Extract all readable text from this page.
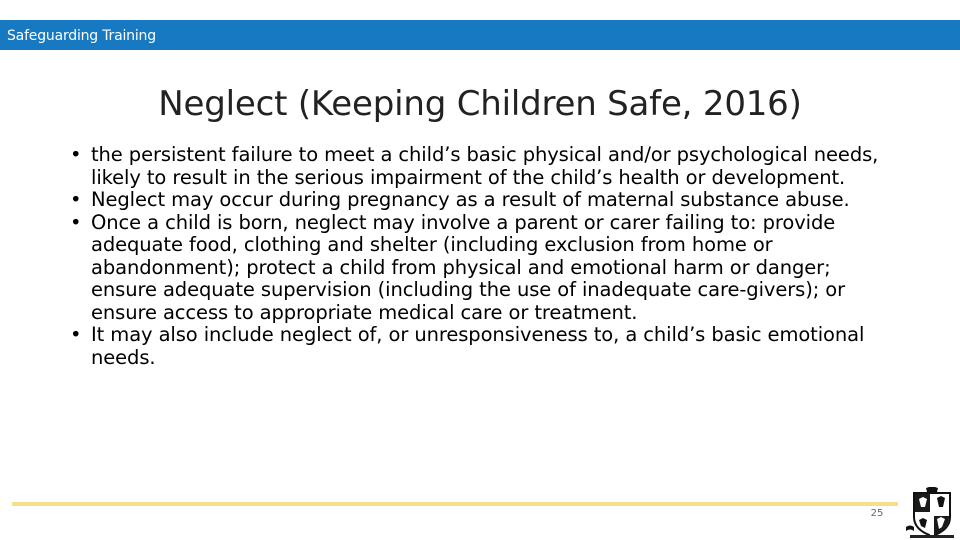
Safeguarding Training
Neglect (Keeping Children Safe, 2016)
• the persistent failure to meet a child’s basic physical and/or psychological needs, likely to result in the serious impairment of the child’s health or development.
• Neglect may occur during pregnancy as a result of maternal substance abuse.
• Once a child is born, neglect may involve a parent or carer failing to: provide adequate food, clothing and shelter (including exclusion from home or abandonment); protect a child from physical and emotional harm or danger; ensure adequate supervision (including the use of inadequate care-givers); or ensure access to appropriate medical care or treatment.
• It may also include neglect of, or unresponsiveness to, a child’s basic emotional needs.
25
